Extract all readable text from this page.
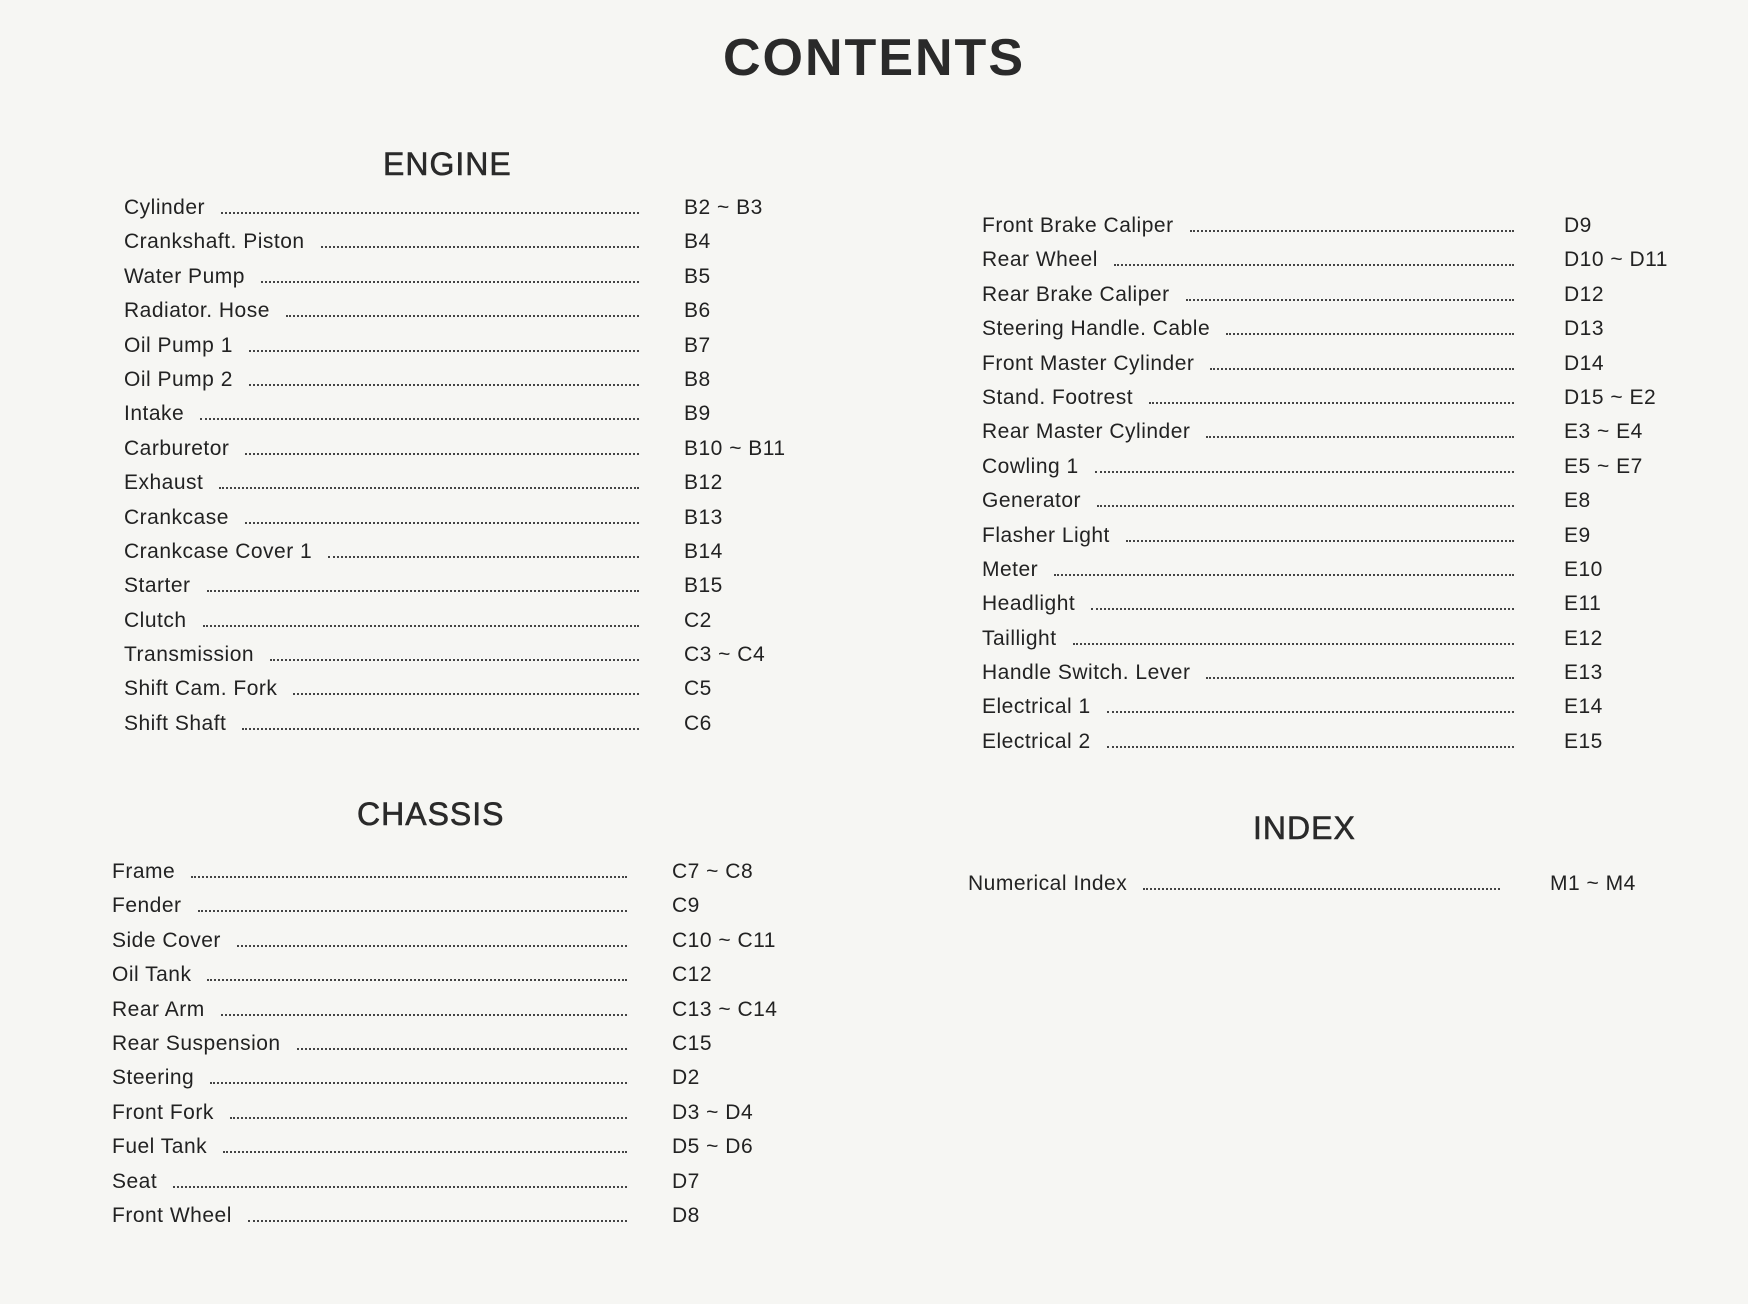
CONTENTS
ENGINE
Cylinder	B2 ~ B3
Crankshaft. Piston	B4
Water Pump	B5
Radiator. Hose	B6
Oil Pump 1	B7
Oil Pump 2	B8
Intake	B9
Carburetor	B10 ~ B11
Exhaust	B12
Crankcase	B13
Crankcase Cover 1	B14
Starter	B15
Clutch	C2
Transmission	C3 ~ C4
Shift Cam. Fork	C5
Shift Shaft	C6
CHASSIS
Frame	C7 ~ C8
Fender	C9
Side Cover	C10 ~ C11
Oil Tank	C12
Rear Arm	C13 ~ C14
Rear Suspension	C15
Steering	D2
Front Fork	D3 ~ D4
Fuel Tank	D5 ~ D6
Seat	D7
Front Wheel	D8
Front Brake Caliper	D9
Rear Wheel	D10 ~ D11
Rear Brake Caliper	D12
Steering Handle. Cable	D13
Front Master Cylinder	D14
Stand. Footrest	D15 ~ E2
Rear Master Cylinder	E3 ~ E4
Cowling 1	E5 ~ E7
Generator	E8
Flasher Light	E9
Meter	E10
Headlight	E11
Taillight	E12
Handle Switch. Lever	E13
Electrical 1	E14
Electrical 2	E15
INDEX
Numerical Index	M1 ~ M4
